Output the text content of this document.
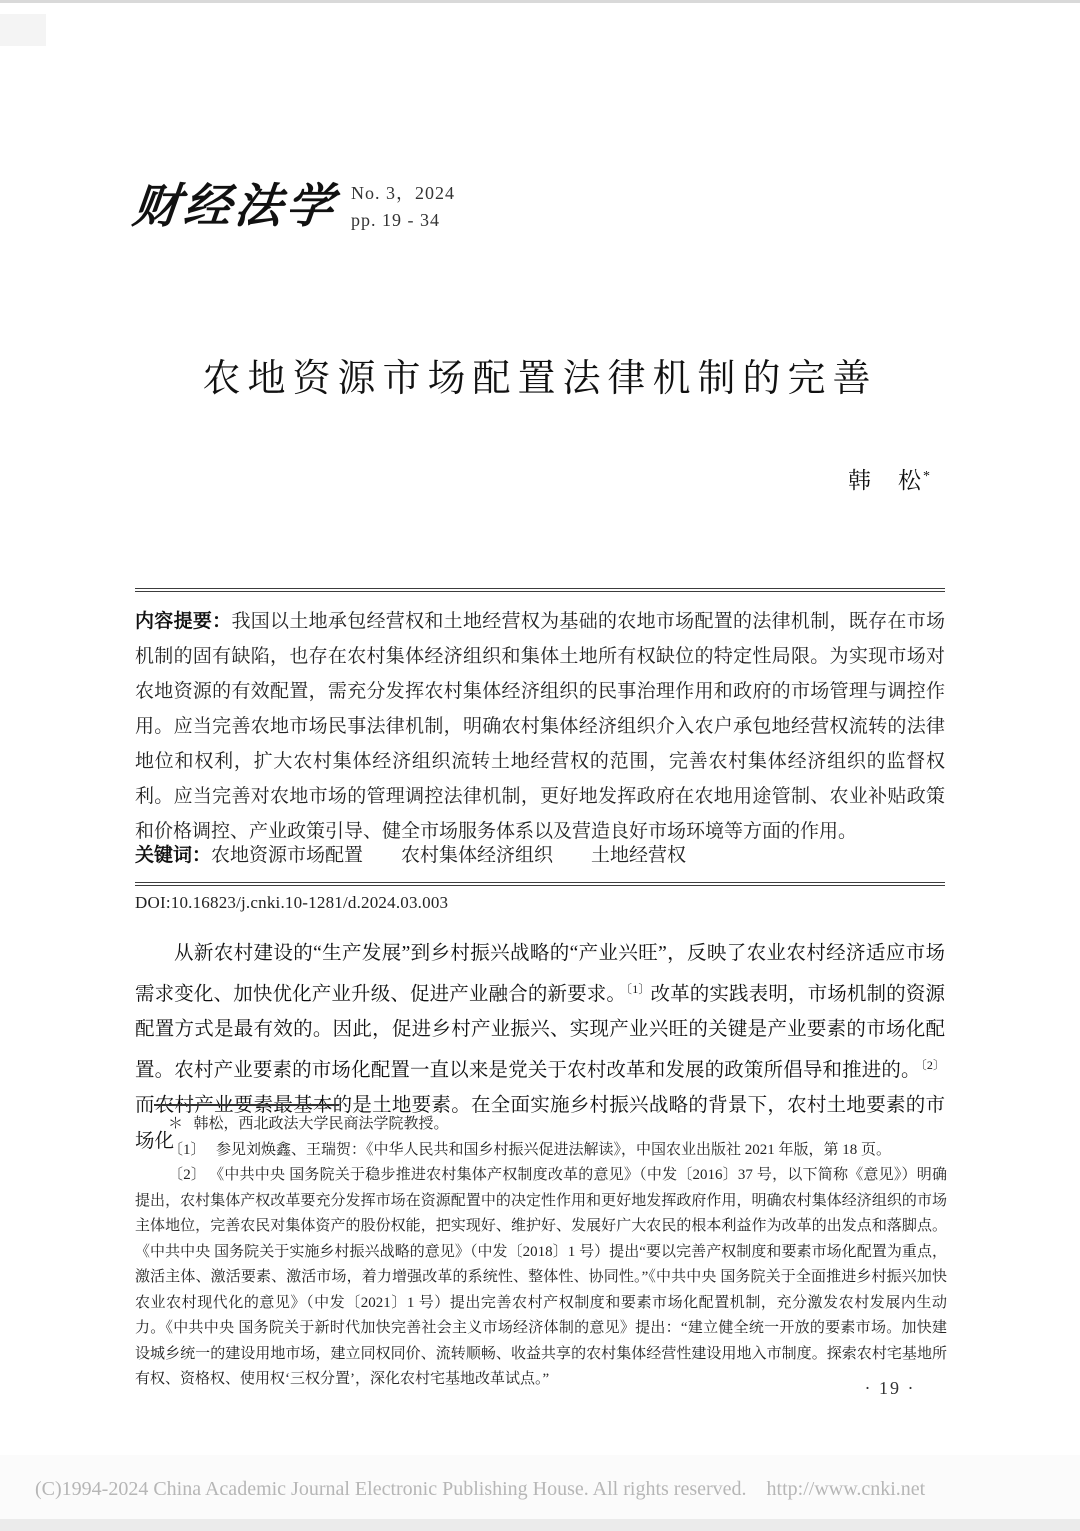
财经法学 No. 3，2024
pp. 19 - 34
农地资源市场配置法律机制的完善
韩　松*
内容提要：我国以土地承包经营权和土地经营权为基础的农地市场配置的法律机制，既存在市场机制的固有缺陷，也存在农村集体经济组织和集体土地所有权缺位的特定性局限。为实现市场对农地资源的有效配置，需充分发挥农村集体经济组织的民事治理作用和政府的市场管理与调控作用。应当完善农地市场民事法律机制，明确农村集体经济组织介入农户承包地经营权流转的法律地位和权利，扩大农村集体经济组织流转土地经营权的范围，完善农村集体经济组织的监督权利。应当完善对农地市场的管理调控法律机制，更好地发挥政府在农地用途管制、农业补贴政策和价格调控、产业政策引导、健全市场服务体系以及营造良好市场环境等方面的作用。
关键词：农地资源市场配置 农村集体经济组织 土地经营权
DOI:10.16823/j.cnki.10-1281/d.2024.03.003

从新农村建设的“生产发展”到乡村振兴战略的“产业兴旺”，反映了农业农村经济适应市场需求变化、加快优化产业升级、促进产业融合的新要求。$^{〔1〕}$改革的实践表明，市场机制的资源配置方式是最有效的。因此，促进乡村产业振兴、实现产业兴旺的关键是产业要素的市场化配置。农村产业要素的市场化配置一直以来是党关于农村改革和发展的政策所倡导和推进的。$^{〔2〕}$而农村产业要素最基本的是土地要素。在全面实施乡村振兴战略的背景下，农村土地要素的市场化

＊ 韩松，西北政法大学民商法学院教授。

〔1〕 参见刘焕鑫、王瑞贺：《中华人民共和国乡村振兴促进法解读》，中国农业出版社 2021 年版，第 18 页。

〔2〕 《中共中央 国务院关于稳步推进农村集体产权制度改革的意见》（中发〔2016〕37 号，以下简称《意见》）明确提出，农村集体产权改革要充分发挥市场在资源配置中的决定性作用和更好地发挥政府作用，明确农村集体经济组织的市场主体地位，完善农民对集体资产的股份权能，把实现好、维护好、发展好广大农民的根本利益作为改革的出发点和落脚点。《中共中央 国务院关于实施乡村振兴战略的意见》（中发〔2018〕1 号）提出“要以完善产权制度和要素市场化配置为重点，激活主体、激活要素、激活市场，着力增强改革的系统性、整体性、协同性。”《中共中央 国务院关于全面推进乡村振兴加快农业农村现代化的意见》（中发〔2021〕1 号）提出完善农村产权制度和要素市场化配置机制，充分激发农村发展内生动力。《中共中央 国务院关于新时代加快完善社会主义市场经济体制的意见》提出：“建立健全统一开放的要素市场。加快建设城乡统一的建设用地市场，建立同权同价、流转顺畅、收益共享的农村集体经营性建设用地入市制度。探索农村宅基地所有权、资格权、使用权‘三权分置’，深化农村宅基地改革试点。”	· 19 ·
(C)1994-2024 China Academic Journal Electronic Publishing House. All rights reserved.    http://www.cnki.net
